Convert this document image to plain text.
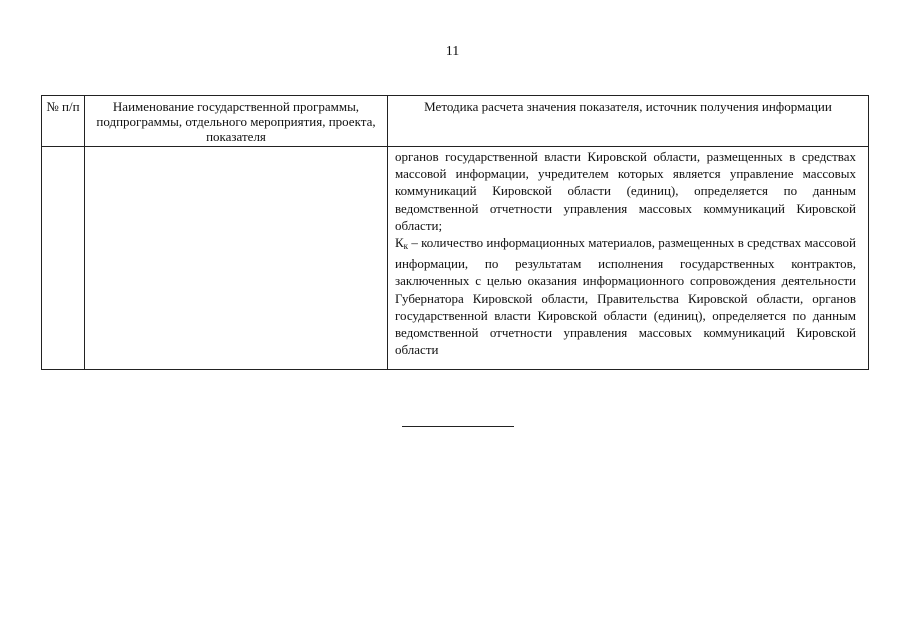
11
№ п/п	Наименование государственной программы, подпрограммы, отдельного мероприятия, проекта, показателя	Методика расчета значения показателя, источник получения информации

		органов государственной власти Кировской области, размещенных в средствах массовой информации, учредителем которых является управление массовых коммуникаций Кировской области (единиц), определяется по данным ведомственной отчетности управления массовых коммуникаций Кировской области;

$К_к$ – количество информационных материалов, размещенных в средствах массовой информации, по результатам исполнения государственных контрактов, заключенных с целью оказания информационного сопровождения деятельности Губернатора Кировской области, Правительства Кировской области, органов государственной власти Кировской области (единиц), определяется по данным ведомственной отчетности управления массовых коммуникаций Кировской области
